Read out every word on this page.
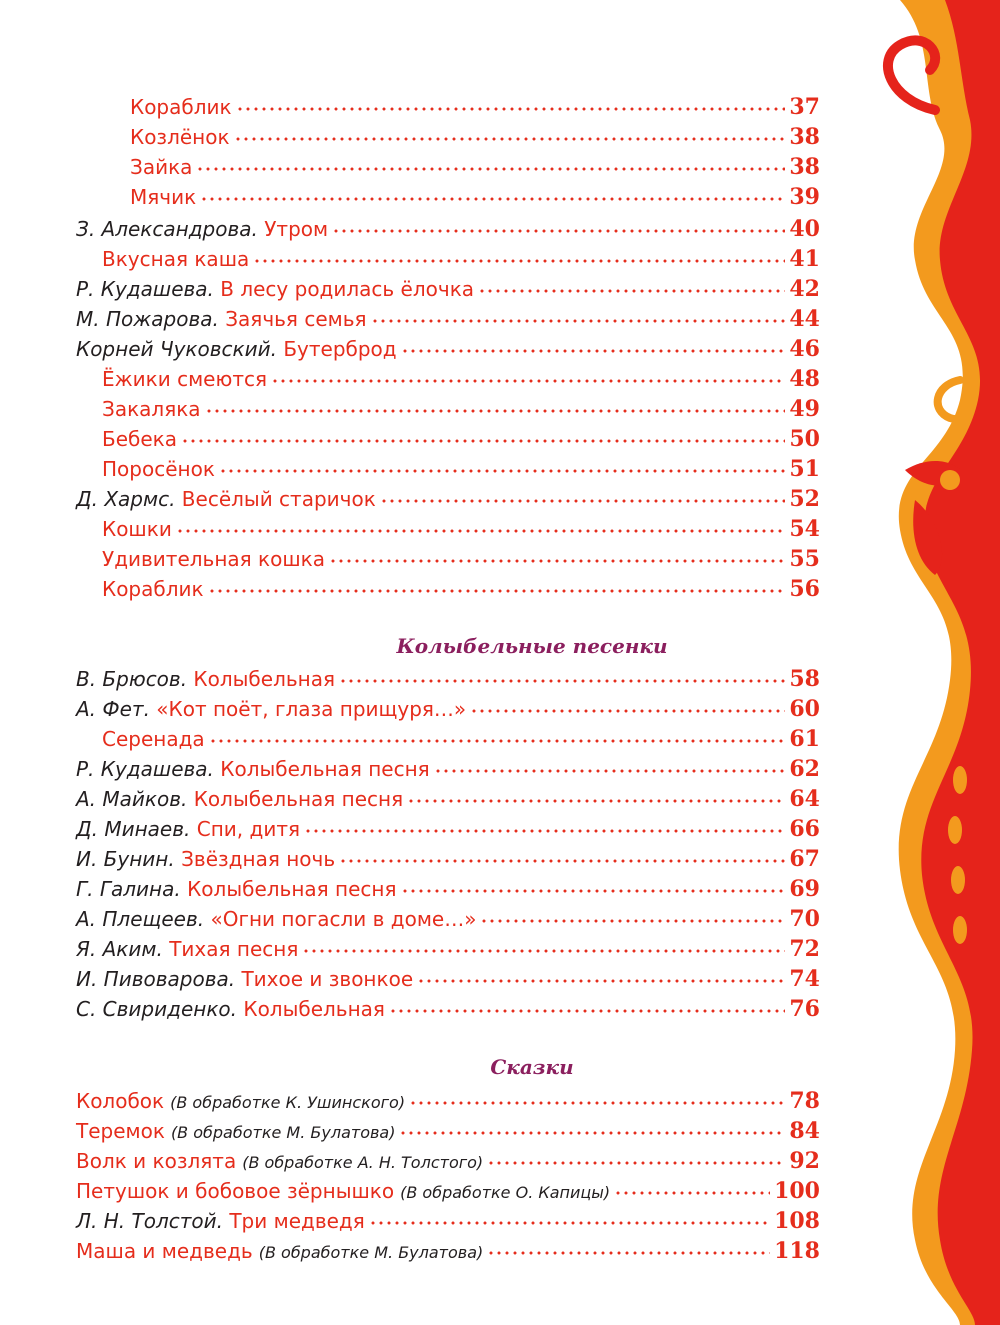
Кораблик	37
Козлёнок	38
Зайка	38
Мячик	39
З. Александрова. Утром	40
Вкусная каша	41
Р. Кудашева. В лесу родилась ёлочка	42
М. Пожарова. Заячья семья	44
Корней Чуковский. Бутерброд	46
Ёжики смеются	48
Закаляка	49
Бебека	50
Поросёнок	51
Д. Хармс. Весёлый старичок	52
Кошки	54
Удивительная кошка	55
Кораблик	56
В. Брюсов. Колыбельная	58
А. Фет. «Кот поёт, глаза прищуря…»	60
Серенада	61
Р. Кудашева. Колыбельная песня	62
А. Майков. Колыбельная песня	64
Д. Минаев. Спи, дитя	66
И. Бунин. Звёздная ночь	67
Г. Галина. Колыбельная песня	69
А. Плещеев. «Огни погасли в доме…»	70
Я. Аким. Тихая песня	72
И. Пивоварова. Тихое и звонкое	74
С. Свириденко. Колыбельная	76
Колобок (В обработке К. Ушинского)	78
Теремок (В обработке М. Булатова)	84
Волк и козлята (В обработке А. Н. Толстого)	92
Петушок и бобовое зёрнышко (В обработке О. Капицы)	100
Л. Н. Толстой. Три медведя	108
Маша и медведь (В обработке М. Булатова)	118
Колыбельные песенки
Сказки
